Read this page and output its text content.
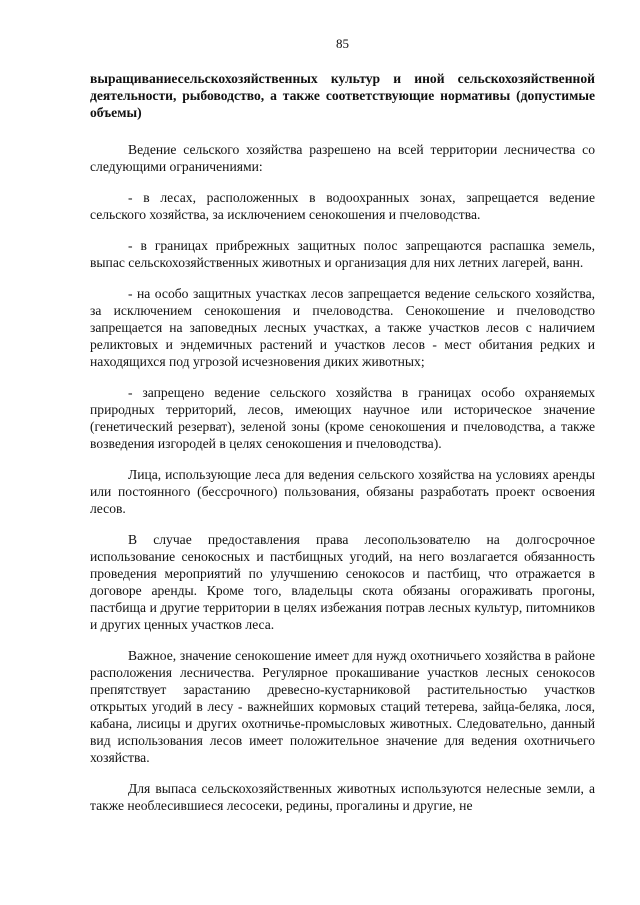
85
выращиваниесельскохозяйственных культур и иной сельскохозяйственной деятельности, рыбоводство, а также соответствующие нормативы (допустимые объемы)

Ведение сельского хозяйства разрешено на всей территории лесничества со следующими ограничениями:

- в лесах, расположенных в водоохранных зонах, запрещается ведение сельского хозяйства, за исключением сенокошения и пчеловодства.

- в границах прибрежных защитных полос запрещаются распашка земель, выпас сельскохозяйственных животных и организация для них летних лагерей, ванн.

- на особо защитных участках лесов запрещается ведение сельского хозяйства, за исключением сенокошения и пчеловодства. Сенокошение и пчеловодство запрещается на заповедных лесных участках, а также участков лесов с наличием реликтовых и эндемичных растений и участков лесов - мест обитания редких и находящихся под угрозой исчезновения диких животных;

- запрещено ведение сельского хозяйства в границах особо охраняемых природных территорий, лесов, имеющих научное или историческое значение (генетический резерват), зеленой зоны (кроме сенокошения и пчеловодства, а также возведения изгородей в целях сенокошения и пчеловодства).

Лица, использующие леса для ведения сельского хозяйства на условиях аренды или постоянного (бессрочного) пользования, обязаны разработать проект освоения лесов.

В случае предоставления права лесопользователю на долгосрочное использование сенокосных и пастбищных угодий, на него возлагается обязанность проведения мероприятий по улучшению сенокосов и пастбищ, что отражается в договоре аренды. Кроме того, владельцы скота обязаны огораживать прогоны, пастбища и другие территории в целях избежания потрав лесных культур, питомников и других ценных участков леса.

Важное, значение сенокошение имеет для нужд охотничьего хозяйства в районе расположения лесничества. Регулярное прокашивание участков лесных сенокосов препятствует зарастанию древесно-кустарниковой растительностью участков открытых угодий в лесу - важнейших кормовых стаций тетерева, зайца-беляка, лося, кабана, лисицы и других охотничье-промысловых животных. Следовательно, данный вид использования лесов имеет положительное значение для ведения охотничьего хозяйства.

Для выпаса сельскохозяйственных животных используются нелесные земли, а также необлесившиеся лесосеки, редины, прогалины и другие, не
